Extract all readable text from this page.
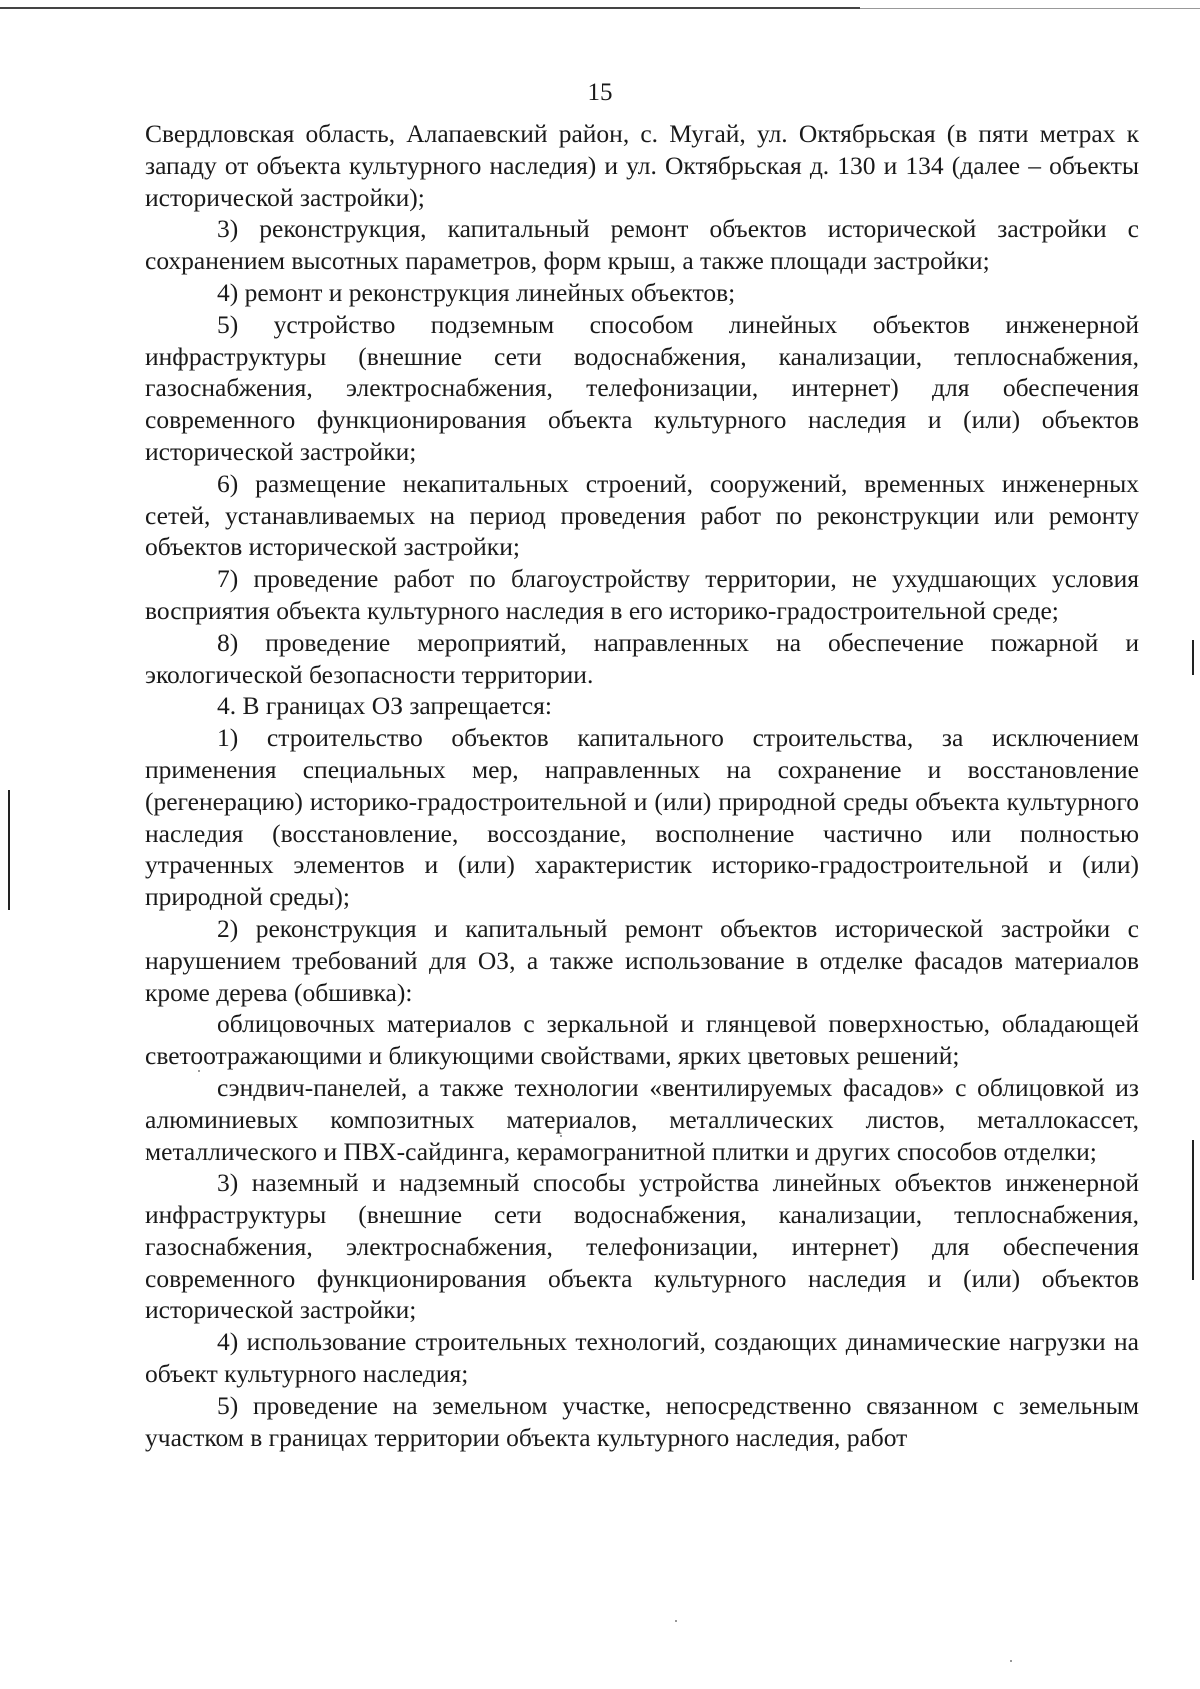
15

Свердловская область, Алапаевский район, с. Мугай, ул. Октябрьская (в пяти метрах к западу от объекта культурного наследия) и ул. Октябрьская д. 130 и 134 (далее – объекты исторической застройки);

3) реконструкция, капитальный ремонт объектов исторической застройки с сохранением высотных параметров, форм крыш, а также площади застройки;

4) ремонт и реконструкция линейных объектов;

5) устройство подземным способом линейных объектов инженерной инфраструктуры (внешние сети водоснабжения, канализации, теплоснабжения, газоснабжения, электроснабжения, телефонизации, интернет) для обеспечения современного функционирования объекта культурного наследия и (или) объектов исторической застройки;

6) размещение некапитальных строений, сооружений, временных инженерных сетей, устанавливаемых на период проведения работ по реконструкции или ремонту объектов исторической застройки;

7) проведение работ по благоустройству территории, не ухудшающих условия восприятия объекта культурного наследия в его историко-градостроительной среде;

8) проведение мероприятий, направленных на обеспечение пожарной и экологической безопасности территории.

4. В границах ОЗ запрещается:

1) строительство объектов капитального строительства, за исключением применения специальных мер, направленных на сохранение и восстановление (регенерацию) историко-градостроительной и (или) природной среды объекта культурного наследия (восстановление, воссоздание, восполнение частично или полностью утраченных элементов и (или) характеристик историко-градостроительной и (или) природной среды);

2) реконструкция и капитальный ремонт объектов исторической застройки с нарушением требований для ОЗ, а также использование в отделке фасадов материалов кроме дерева (обшивка):

облицовочных материалов с зеркальной и глянцевой поверхностью, обладающей светоотражающими и бликующими свойствами, ярких цветовых решений;

сэндвич-панелей, а также технологии «вентилируемых фасадов» с облицовкой из алюминиевых композитных материалов, металлических листов, металлокассет, металлического и ПВХ-сайдинга, керамогранитной плитки и других способов отделки;

3) наземный и надземный способы устройства линейных объектов инженерной инфраструктуры (внешние сети водоснабжения, канализации, теплоснабжения, газоснабжения, электроснабжения, телефонизации, интернет) для обеспечения современного функционирования объекта культурного наследия и (или) объектов исторической застройки;

4) использование строительных технологий, создающих динамические нагрузки на объект культурного наследия;

5) проведение на земельном участке, непосредственно связанном с земельным участком в границах территории объекта культурного наследия, работ
